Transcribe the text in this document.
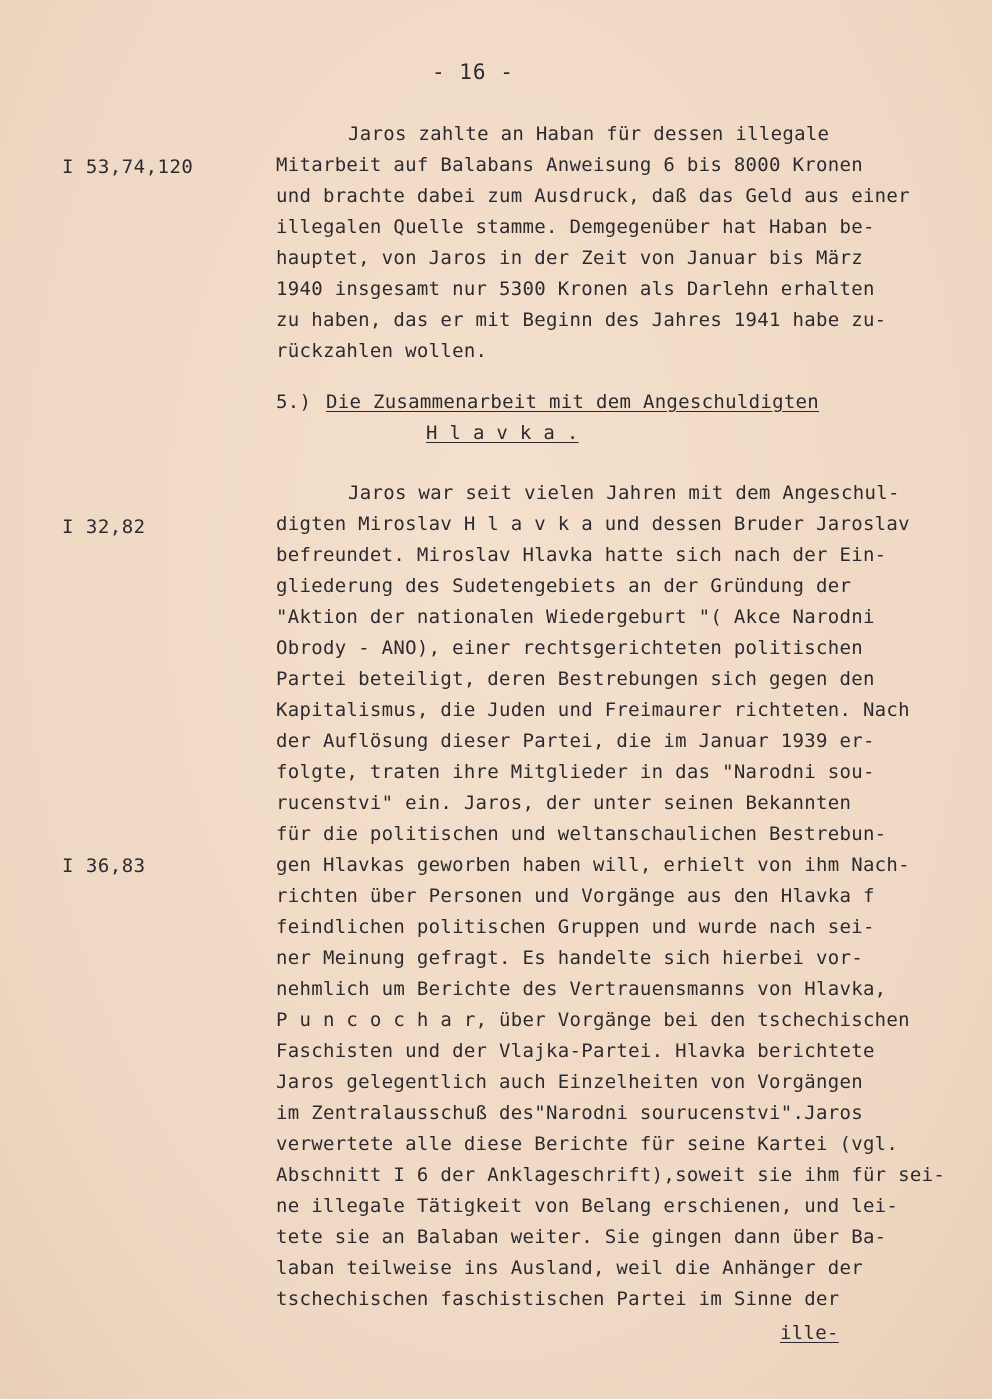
- 16 -
I 53,74,120
I 32,82
I 36,83
Jaros zahlte an Haban für dessen illegale
Mitarbeit auf Balabans Anweisung 6 bis 8000 Kronen
und brachte dabei zum Ausdruck, daß das Geld aus einer
illegalen Quelle stamme. Demgegenüber hat Haban be-
hauptet, von Jaros in der Zeit von Januar bis März
1940 insgesamt nur 5300 Kronen als Darlehn erhalten
zu haben, das er mit Beginn des Jahres 1941 habe zu-
rückzahlen wollen.
5.) Die Zusammenarbeit mit dem Angeschuldigten
H l a v k a .
Jaros war seit vielen Jahren mit dem Angeschul-
digten Miroslav H l a v k a und dessen Bruder Jaroslav
befreundet. Miroslav Hlavka hatte sich nach der Ein-
gliederung des Sudetengebiets an der Gründung der
"Aktion der nationalen Wiedergeburt "( Akce Narodni
Obrody - ANO), einer rechtsgerichteten politischen
Partei beteiligt, deren Bestrebungen sich gegen den
Kapitalismus, die Juden und Freimaurer richteten. Nach
der Auflösung dieser Partei, die im Januar 1939 er-
folgte, traten ihre Mitglieder in das "Narodni sou-
rucenstvi" ein. Jaros, der unter seinen Bekannten
für die politischen und weltanschaulichen Bestrebun-
gen Hlavkas geworben haben will, erhielt von ihm Nach-
richten über Personen und Vorgänge aus den Hlavka f
feindlichen politischen Gruppen und wurde nach sei-
ner Meinung gefragt. Es handelte sich hierbei vor-
nehmlich um Berichte des Vertrauensmanns von Hlavka,
P u n c o c h a r, über Vorgänge bei den tschechischen
Faschisten und der Vlajka-Partei. Hlavka berichtete
Jaros gelegentlich auch Einzelheiten von Vorgängen
im Zentralausschuß des"Narodni sourucenstvi".Jaros
verwertete alle diese Berichte für seine Kartei (vgl.
Abschnitt I 6 der Anklageschrift),soweit sie ihm für sei-
ne illegale Tätigkeit von Belang erschienen, und lei-
tete sie an Balaban weiter. Sie gingen dann über Ba-
laban teilweise ins Ausland, weil die Anhänger der
tschechischen faschistischen Partei im Sinne der
ille-
